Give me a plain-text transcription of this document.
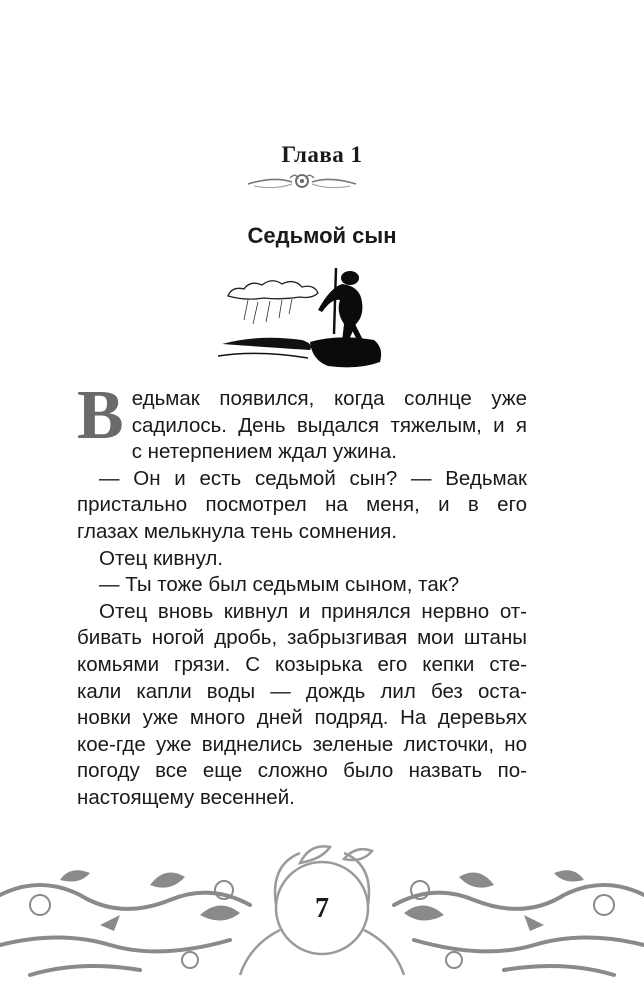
Глава 1
Седьмой сын
В едьмак появился, когда солнце уже

садилось. День выдался тяжелым, и я

с нетерпением ждал ужина.

— Он и есть седьмой сын? — Ведьмак

пристально посмотрел на меня, и в его

глазах мелькнула тень сомнения.

Отец кивнул.

— Ты тоже был седьмым сыном, так?

Отец вновь кивнул и принялся нервно от-

бивать ногой дробь, забрызгивая мои штаны

комьями грязи. С козырька его кепки сте-

кали капли воды — дождь лил без оста-

новки уже много дней подряд. На деревьях

кое-где уже виднелись зеленые листочки, но

погоду все еще сложно было назвать по-

настоящему весенней.

7
